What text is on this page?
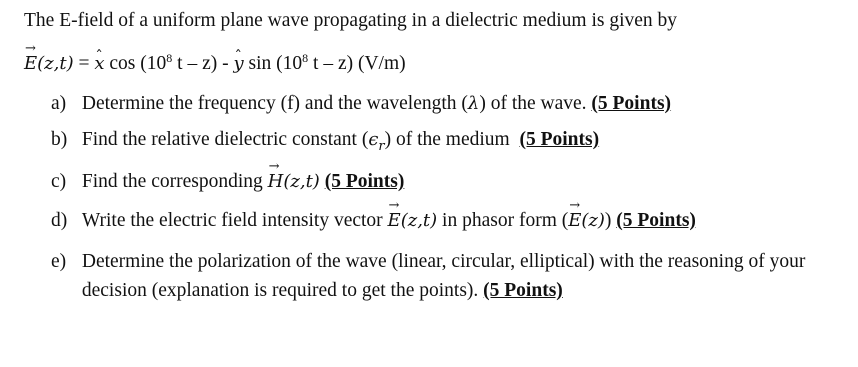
The E-field of a uniform plane wave propagating in a dielectric medium is given by
→ E(z,t) = ˆ x $\cos (10^8$ t – z) - ˆ y $\sin (10^8$ t – z) (V/m)
a) Determine the frequency (f) and the wavelength (λ) of the wave. (5 Points)
b) Find the relative dielectric constant $(\epsilon_r)$ of the medium (5 Points)
c) Find the corresponding → H(z,t) (5 Points)
d) Write the electric field intensity vector → E(z,t) in phasor form (→ E(z)) (5 Points)
e) Determine the polarization of the wave (linear, circular, elliptical) with the reasoning of your
decision (explanation is required to get the points). (5 Points)
